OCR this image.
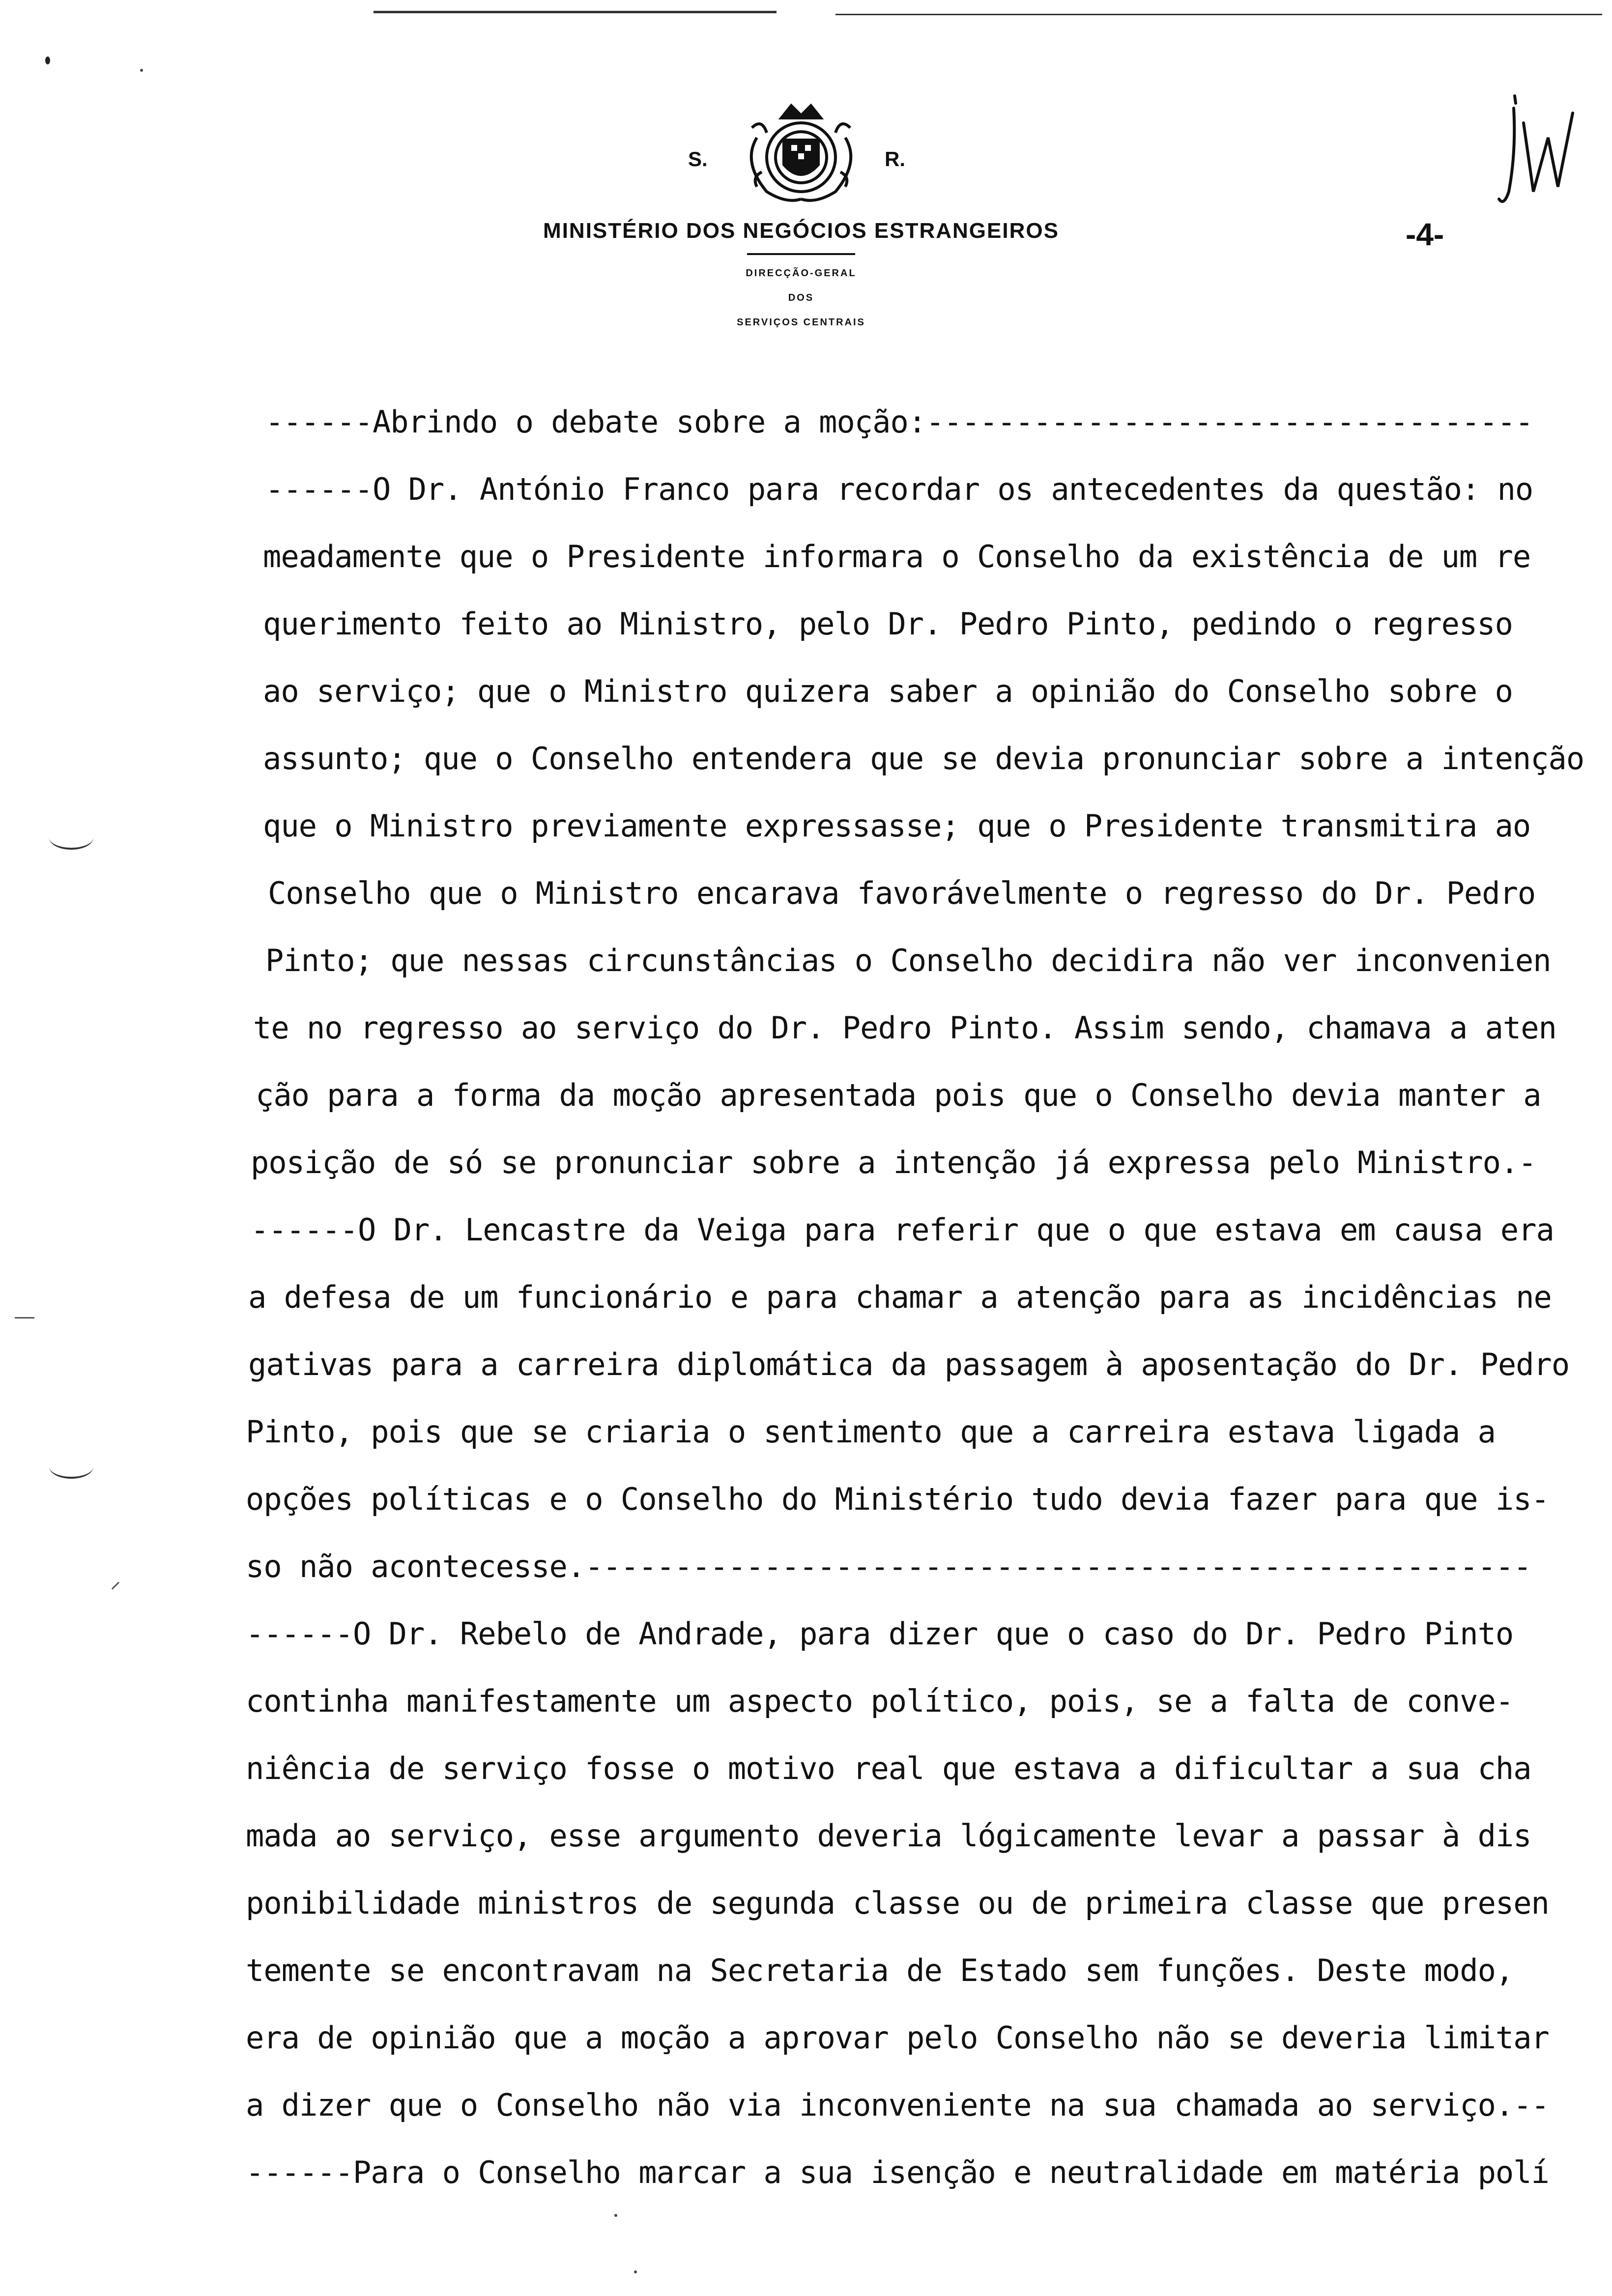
S.	R.
MINISTÉRIO DOS NEGÓCIOS ESTRANGEIROS
DIRECÇÃO-GERAL
DOS
SERVIÇOS CENTRAIS
-4-
------Abrindo o debate sobre a moção:----------------------------------
------O Dr. António Franco para recordar os antecedentes da questão: no
meadamente que o Presidente informara o Conselho da existência de um re
querimento feito ao Ministro, pelo Dr. Pedro Pinto, pedindo o regresso
ao serviço; que o Ministro quizera saber a opinião do Conselho sobre o
assunto; que o Conselho entendera que se devia pronunciar sobre a intenção
que o Ministro previamente expressasse; que o Presidente transmitira ao
Conselho que o Ministro encarava favorávelmente o regresso do Dr. Pedro
Pinto; que nessas circunstâncias o Conselho decidira não ver inconvenien
te no regresso ao serviço do Dr. Pedro Pinto. Assim sendo, chamava a aten
ção para a forma da moção apresentada pois que o Conselho devia manter a
posição de só se pronunciar sobre a intenção já expressa pelo Ministro.-
------O Dr. Lencastre da Veiga para referir que o que estava em causa era
a defesa de um funcionário e para chamar a atenção para as incidências ne
gativas para a carreira diplomática da passagem à aposentação do Dr. Pedro
Pinto, pois que se criaria o sentimento que a carreira estava ligada a
opções políticas e o Conselho do Ministério tudo devia fazer para que is-
so não acontecesse.-----------------------------------------------------
------O Dr. Rebelo de Andrade, para dizer que o caso do Dr. Pedro Pinto
continha manifestamente um aspecto político, pois, se a falta de conve-
niência de serviço fosse o motivo real que estava a dificultar a sua cha
mada ao serviço, esse argumento deveria lógicamente levar a passar à dis
ponibilidade ministros de segunda classe ou de primeira classe que presen
temente se encontravam na Secretaria de Estado sem funções. Deste modo,
era de opinião que a moção a aprovar pelo Conselho não se deveria limitar
a dizer que o Conselho não via inconveniente na sua chamada ao serviço.--
------Para o Conselho marcar a sua isenção e neutralidade em matéria polí
